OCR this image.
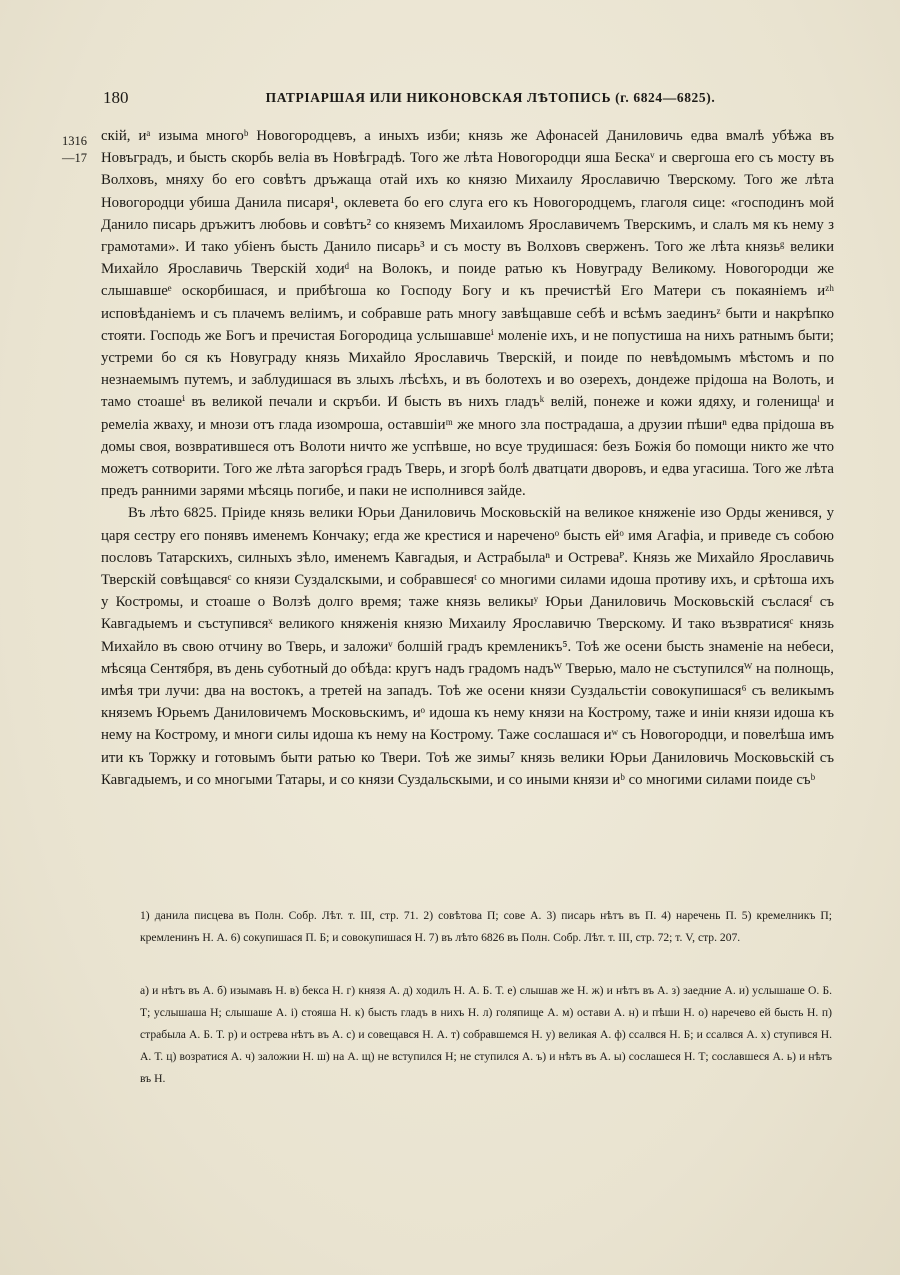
180	ПАТРІАРШАЯ ИЛИ НИКОНОВСКАЯ ЛѢТОПИСЬ (г. 6824—6825).
1316 —17

скій, иᵃ изыма многоᵇ Новогородцевъ, а иныхъ изби; князь же Афонасей Даниловичь едва вмалѣ убѣжа въ Новъградъ, и бысть скорбь веліа въ Новѣградѣ. Того же лѣта Новогородци яша Бескаᵛ и свергоша его съ мосту въ Волховъ, мняху бо его совѣтъ дръжаща отай ихъ ко князю Михаилу Ярославичю Тверскому. Того же лѣта Новогородци убиша Данила писаря¹, оклевета бо его слуга его къ Новогородцемъ, глаголя сице: «господинъ мой Данило писарь дръжитъ любовь и совѣтъ² со княземъ Михаиломъ Ярославичемъ Тверскимъ, и слалъ мя къ нему з грамотами». И тако убіенъ бысть Данило писарь³ и съ мосту въ Волховъ сверженъ. Того же лѣта князьᵍ велики Михайло Ярославичь Тверскій ходиᵈ на Волокъ, и поиде ратью къ Новуграду Великому. Новогородци же слышавшеᵉ оскорбишася, и прибѣгоша ко Господу Богу и къ пречистѣй Его Матери съ покаяніемъ иᶻʰ исповѣданіемъ и съ плачемъ веліимъ, и собравше рать многу завѣщавше себѣ и всѣмъ заединъᶻ быти и накрѣпко стояти. Господь же Богъ и пречистая Богородица услышавшеⁱ моленіе ихъ, и не попустиша на нихъ ратнымъ быти; устреми бо ся къ Новуграду князь Михайло Ярославичь Тверскій, и поиде по невѣдомымъ мѣстомъ и по незнаемымъ путемъ, и заблудишася въ злыхъ лѣсѣхъ, и въ болотехъ и во озерехъ, дондеже прідоша на Волоть, и тамо стоашеⁱ въ великой печали и скръби. И бысть въ нихъ гладъᵏ велій, понеже и кожи ядяху, и голенищаˡ и ремеліа жваху, и мнози отъ глада изомроша, оставшіиᵐ же много зла пострадаша, а друзии пѣшиⁿ едва прідоша въ домы своя, возвратившеся отъ Волоти ничто же успѣвше, но всуе трудишася: безъ Божія бо помощи никто же что можетъ сотворити. Того же лѣта загорѣся градъ Тверь, и згорѣ болѣ дватцати дворовъ, и едва угасиша. Того же лѣта предъ ранними зарями мѣсяць погибе, и паки не исполнився зайде.

Въ лѣто 6825. Пріиде князь велики Юрьи Даниловичь Московьскій на великое княженіе изо Орды женився, у царя сестру его понявъ именемъ Кончаку; егда же крестися и нареченоᵒ бысть ейᵒ имя Агафіа, и приведе съ собою пословъ Татарскихъ, силныхъ зѣло, именемъ Кавгадыя, и Астрабылаⁿ и Остреваᴾ. Князь же Михайло Ярославичь Тверскій совѣщавсяᶜ со князи Суздалскыми, и собравшесяᵗ со многими силами идоша противу ихъ, и срѣтоша ихъ у Костромы, и стоаше о Волзѣ долго время; таже князь великыʸ Юрьи Даниловичь Московьскій съсласяᶠ съ Кавгадыемъ и съступивсяˣ великого княженія князю Михаилу Ярославичю Тверскому. И тако възвратисяᶜ князь Михайло въ свою отчину во Тверь, и заложиᵛ болшій градъ кремленикъ⁵. Тоѣ же осени бысть знаменіе на небеси, мѣсяца Сентября, въ день суботный до обѣда: кругъ надъ градомъ надъᵂ Тверью, мало не съступилсяᵂ на полнощь, имѣя три лучи: два на востокъ, а третей на западъ. Тоѣ же осени князи Суздальстіи совокупишася⁶ съ великымъ княземъ Юрьемъ Даниловичемъ Московьскимъ, иᵒ идоша къ нему князи на Кострому, таже и инiи князи идоша къ нему на Кострому, и многи силы идоша къ нему на Кострому. Таже сослашася иʷ съ Новогородци, и повелѣша имъ ити къ Торжку и готовымъ быти ратью ко Твери. Тоѣ же зимы⁷ князь велики Юрьи Даниловичь Московьскій съ Кавгадыемъ, и со многыми Татары, и со князи Суздальскыми, и со иными князи иᵇ со многими силами поиде съᵇ

1) данила писцева въ Полн. Собр. Лѣт. т. III, стр. 71. 2) совѣтова П; сове А. 3) писарь нѣтъ въ П. 4) наречень П. 5) кремелникъ П; кремленинъ Н. А. 6) сокупишася П. Б; и совокупишася Н. 7) въ лѣто 6826 въ Полн. Собр. Лѣт. т. III, стр. 72; т. V, стр. 207.

а) и нѣтъ въ А. б) изымавъ Н. в) бекса Н. г) князя А. д) ходилъ Н. А. Б. Т. е) слышав же Н. ж) и нѣтъ въ А. з) заедние А. и) услышаше О. Б. Т; услышаша Н; слышаше А. і) стояша Н. к) бысть гладъ в нихъ Н. л) голяпище А. м) остави А. н) и пѣши Н. о) наречево ей бысть Н. п) страбыла А. Б. Т. р) и острева нѣтъ въ А. с) и совещався Н. А. т) собравшемся Н. у) великая А. ф) ссалвся Н. Б; и ссалвся А. х) ступився Н. А. Т. ц) возратися А. ч) заложии Н. ш) на А. щ) не вступился Н; не ступился А. ъ) и нѣтъ въ А. ы) сослашеся Н. Т; сославшеся А. ь) и нѣтъ въ Н.
